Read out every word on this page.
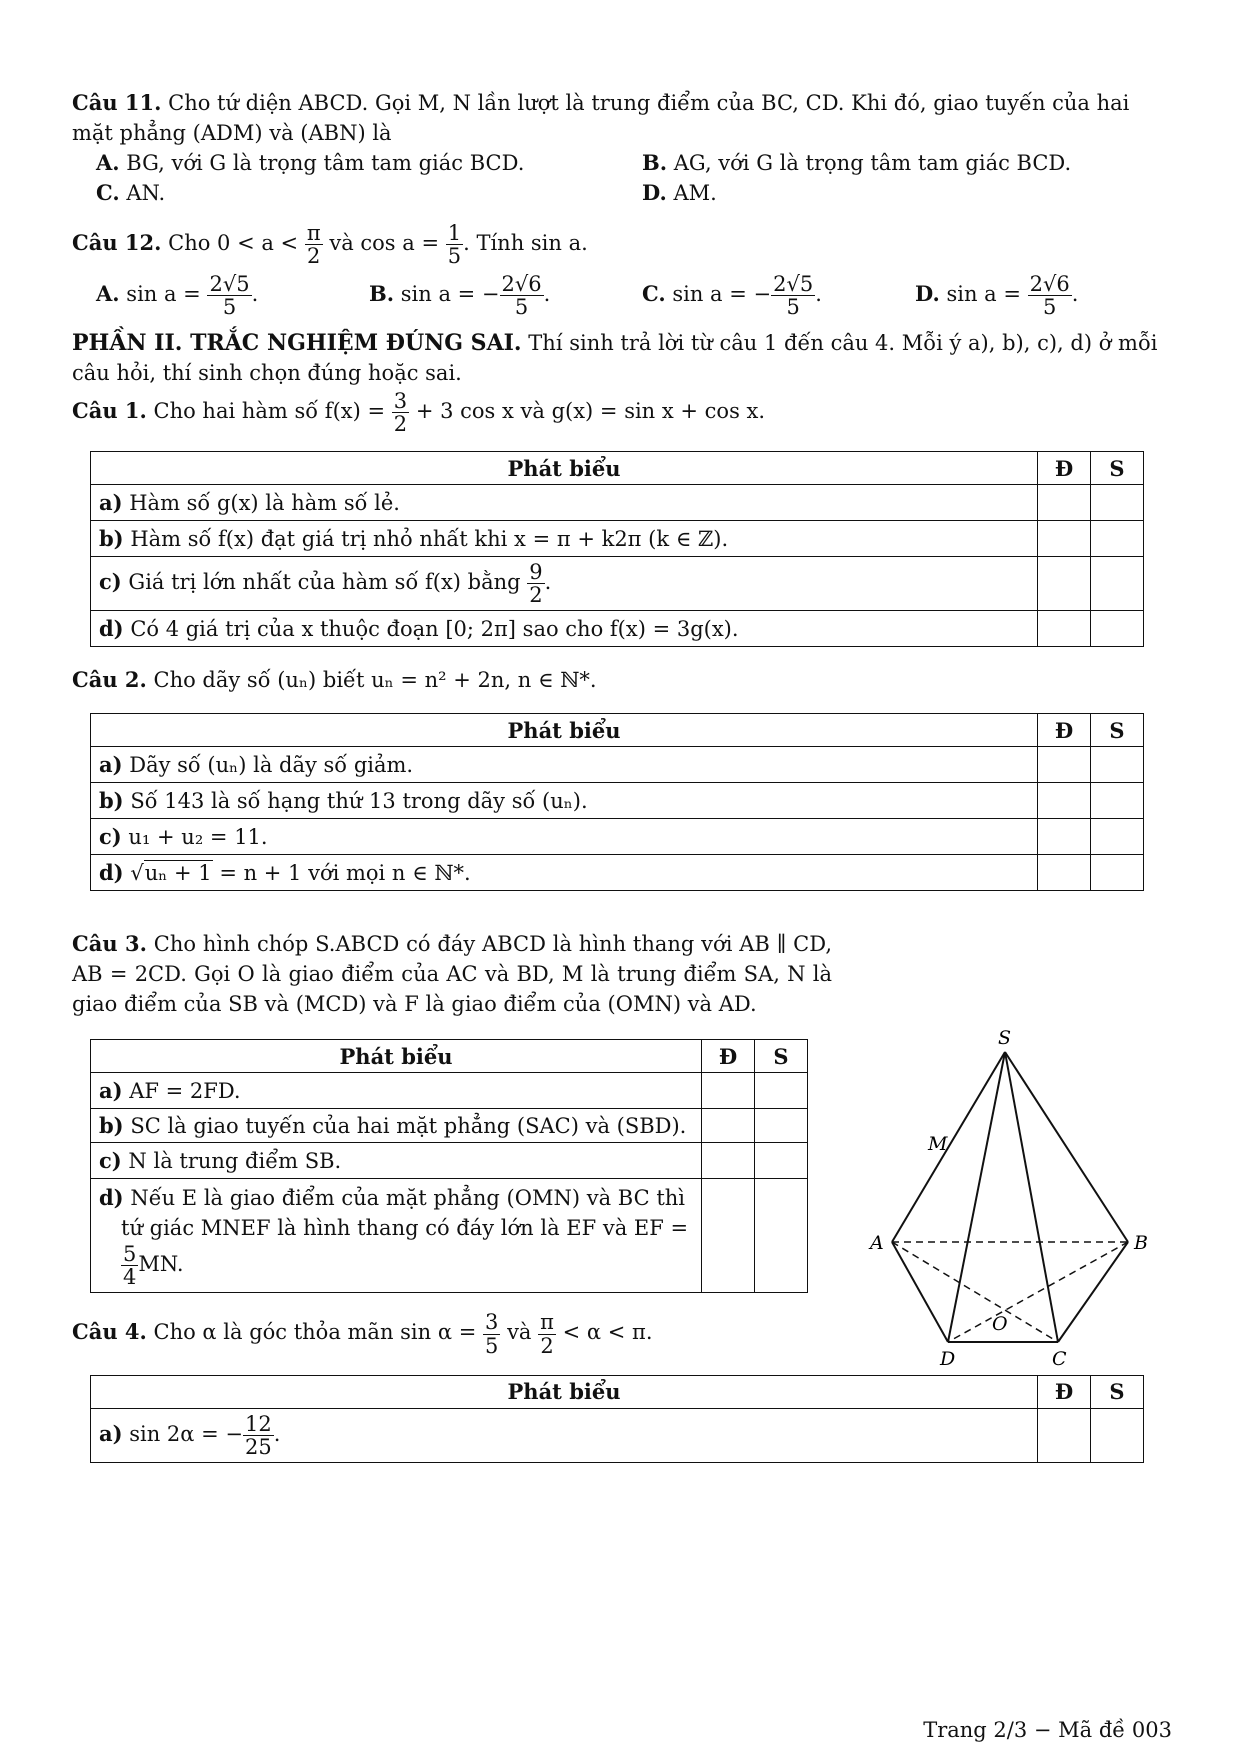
Câu 11. Cho tứ diện ABCD. Gọi M, N lần lượt là trung điểm của BC, CD. Khi đó, giao tuyến của hai mặt phẳng (ADM) và (ABN) là
A. BG, với G là trọng tâm tam giác BCD.	B. AG, với G là trọng tâm tam giác BCD.
C. AN.	D. AM.
Câu 12. Cho $0 < a < \frac{\pi}{2}$ và $\cos a = \frac{1}{5}$ . Tính sin a.
A. $\sin a = \frac{2√5}{5}$ .	B. sin a = − $\frac{2√6}{5}$ .	C. sin a = − $\frac{2√5}{5}$ .	D. $\sin a = \frac{2√6}{5}$ .
PHẦN II. TRẮC NGHIỆM ĐÚNG SAI. Thí sinh trả lời từ câu 1 đến câu 4. Mỗi ý a), b), c), d) ở mỗi câu hỏi, thí sinh chọn đúng hoặc sai.
Câu 1. Cho hai hàm số $f(x) = \frac{3}{2} + 3$ cos x và g(x) = sin x + cos x.
Phát biểu	Đ	S
a) Hàm số g(x) là hàm số lẻ.		
b) Hàm số f(x) đạt giá trị nhỏ nhất khi x = π + k2π (k ∈ ℤ).		
c) Giá trị lớn nhất của hàm số f(x) bằng $\frac{9}{2}$ .		
d) Có 4 giá trị của x thuộc đoạn [0; 2π] sao cho f(x) = 3g(x).		
Câu 2. Cho dãy số (uₙ) biết uₙ = n² + 2n, n ∈ ℕ*.
Phát biểu	Đ	S
a) Dãy số (uₙ) là dãy số giảm.		
b) Số 143 là số hạng thứ 13 trong dãy số (uₙ).		
c) u₁ + u₂ = 11.		
d) √uₙ + 1 = n + 1 với mọi n ∈ ℕ*.		
Câu 3. Cho hình chóp S.ABCD có đáy ABCD là hình thang với AB ∥ CD, AB = 2CD. Gọi O là giao điểm của AC và BD, M là trung điểm SA, N là giao điểm của SB và (MCD) và F là giao điểm của (OMN) và AD.
Phát biểu	Đ	S
a) AF = 2FD.		
b) SC là giao tuyến của hai mặt phẳng (SAC) và (SBD).		
c) N là trung điểm SB.		
d) Nếu E là giao điểm của mặt phẳng (OMN) và BC thì tứ giác MNEF là hình thang có đáy lớn là EF và EF =
$\frac{5}{4}$ MN.		
Câu 4. Cho α là góc thỏa mãn $\sin \alpha = \frac{3}{5}$ và $\frac{\pi}{2} < \alpha < \pi$.
Phát biểu	Đ	S
a) sin 2α = − $\frac{12}{25}$ .		
S
M
A	B
O
D	C
Trang 2/3 − Mã đề 003
